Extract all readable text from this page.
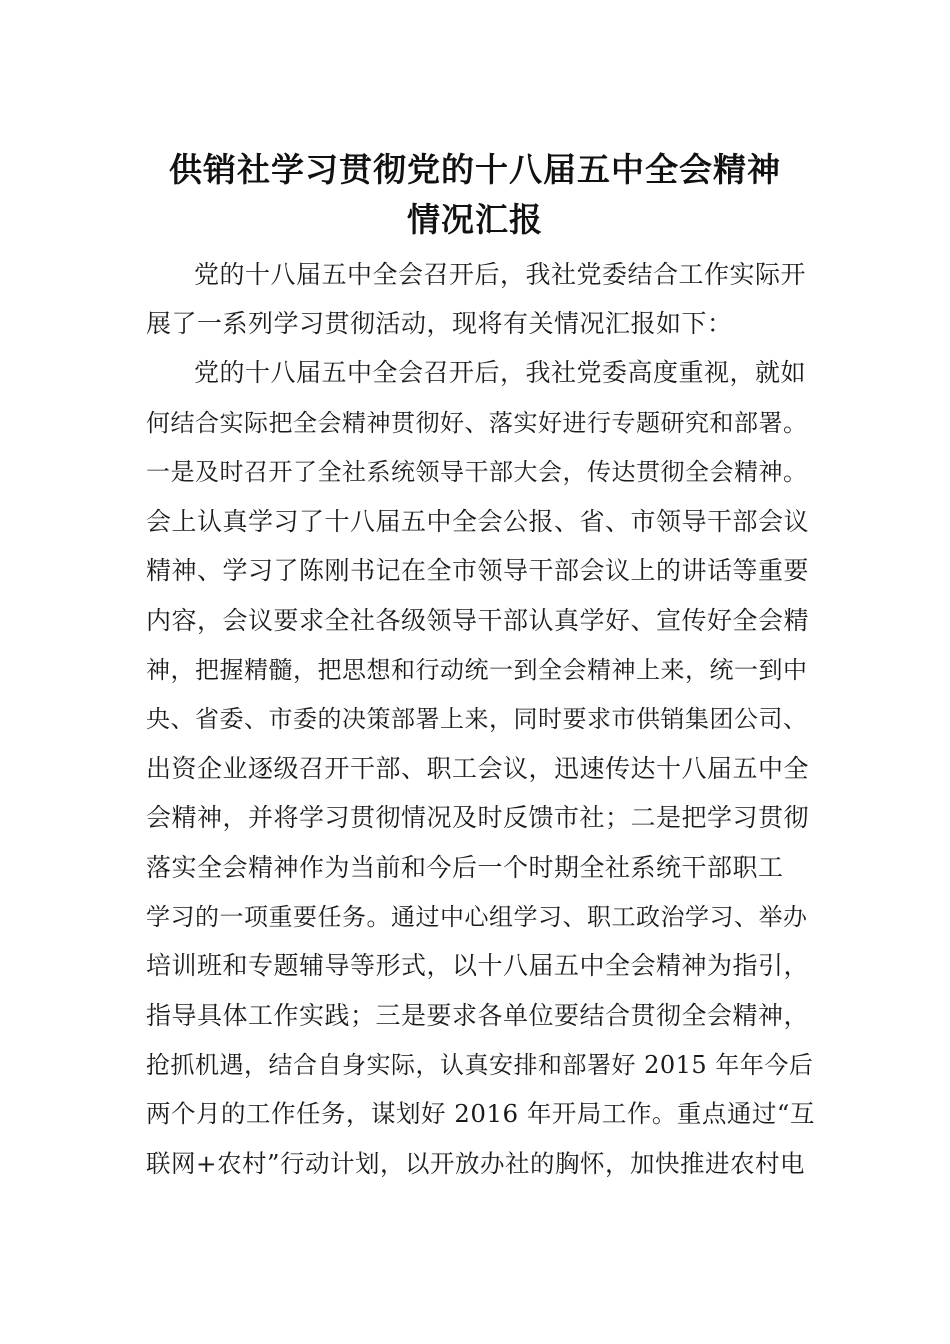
供销社学习贯彻党的十八届五中全会精神
情况汇报
党的十八届五中全会召开后，我社党委结合工作实际开
展了一系列学习贯彻活动，现将有关情况汇报如下：
党的十八届五中全会召开后，我社党委高度重视，就如
何结合实际把全会精神贯彻好、落实好进行专题研究和部署。
一是及时召开了全社系统领导干部大会，传达贯彻全会精神。
会上认真学习了十八届五中全会公报、省、市领导干部会议
精神、学习了陈刚书记在全市领导干部会议上的讲话等重要
内容，会议要求全社各级领导干部认真学好、宣传好全会精
神，把握精髓，把思想和行动统一到全会精神上来，统一到中
央、省委、市委的决策部署上来，同时要求市供销集团公司、
出资企业逐级召开干部、职工会议，迅速传达十八届五中全
会精神，并将学习贯彻情况及时反馈市社；二是把学习贯彻
落实全会精神作为当前和今后一个时期全社系统干部职工
学习的一项重要任务。通过中心组学习、职工政治学习、举办
培训班和专题辅导等形式，以十八届五中全会精神为指引，
指导具体工作实践；三是要求各单位要结合贯彻全会精神，
抢抓机遇，结合自身实际，认真安排和部署好 2015 年年今后
两个月的工作任务，谋划好 2016 年开局工作。重点通过“互
联网+农村”行动计划，以开放办社的胸怀，加快推进农村电
